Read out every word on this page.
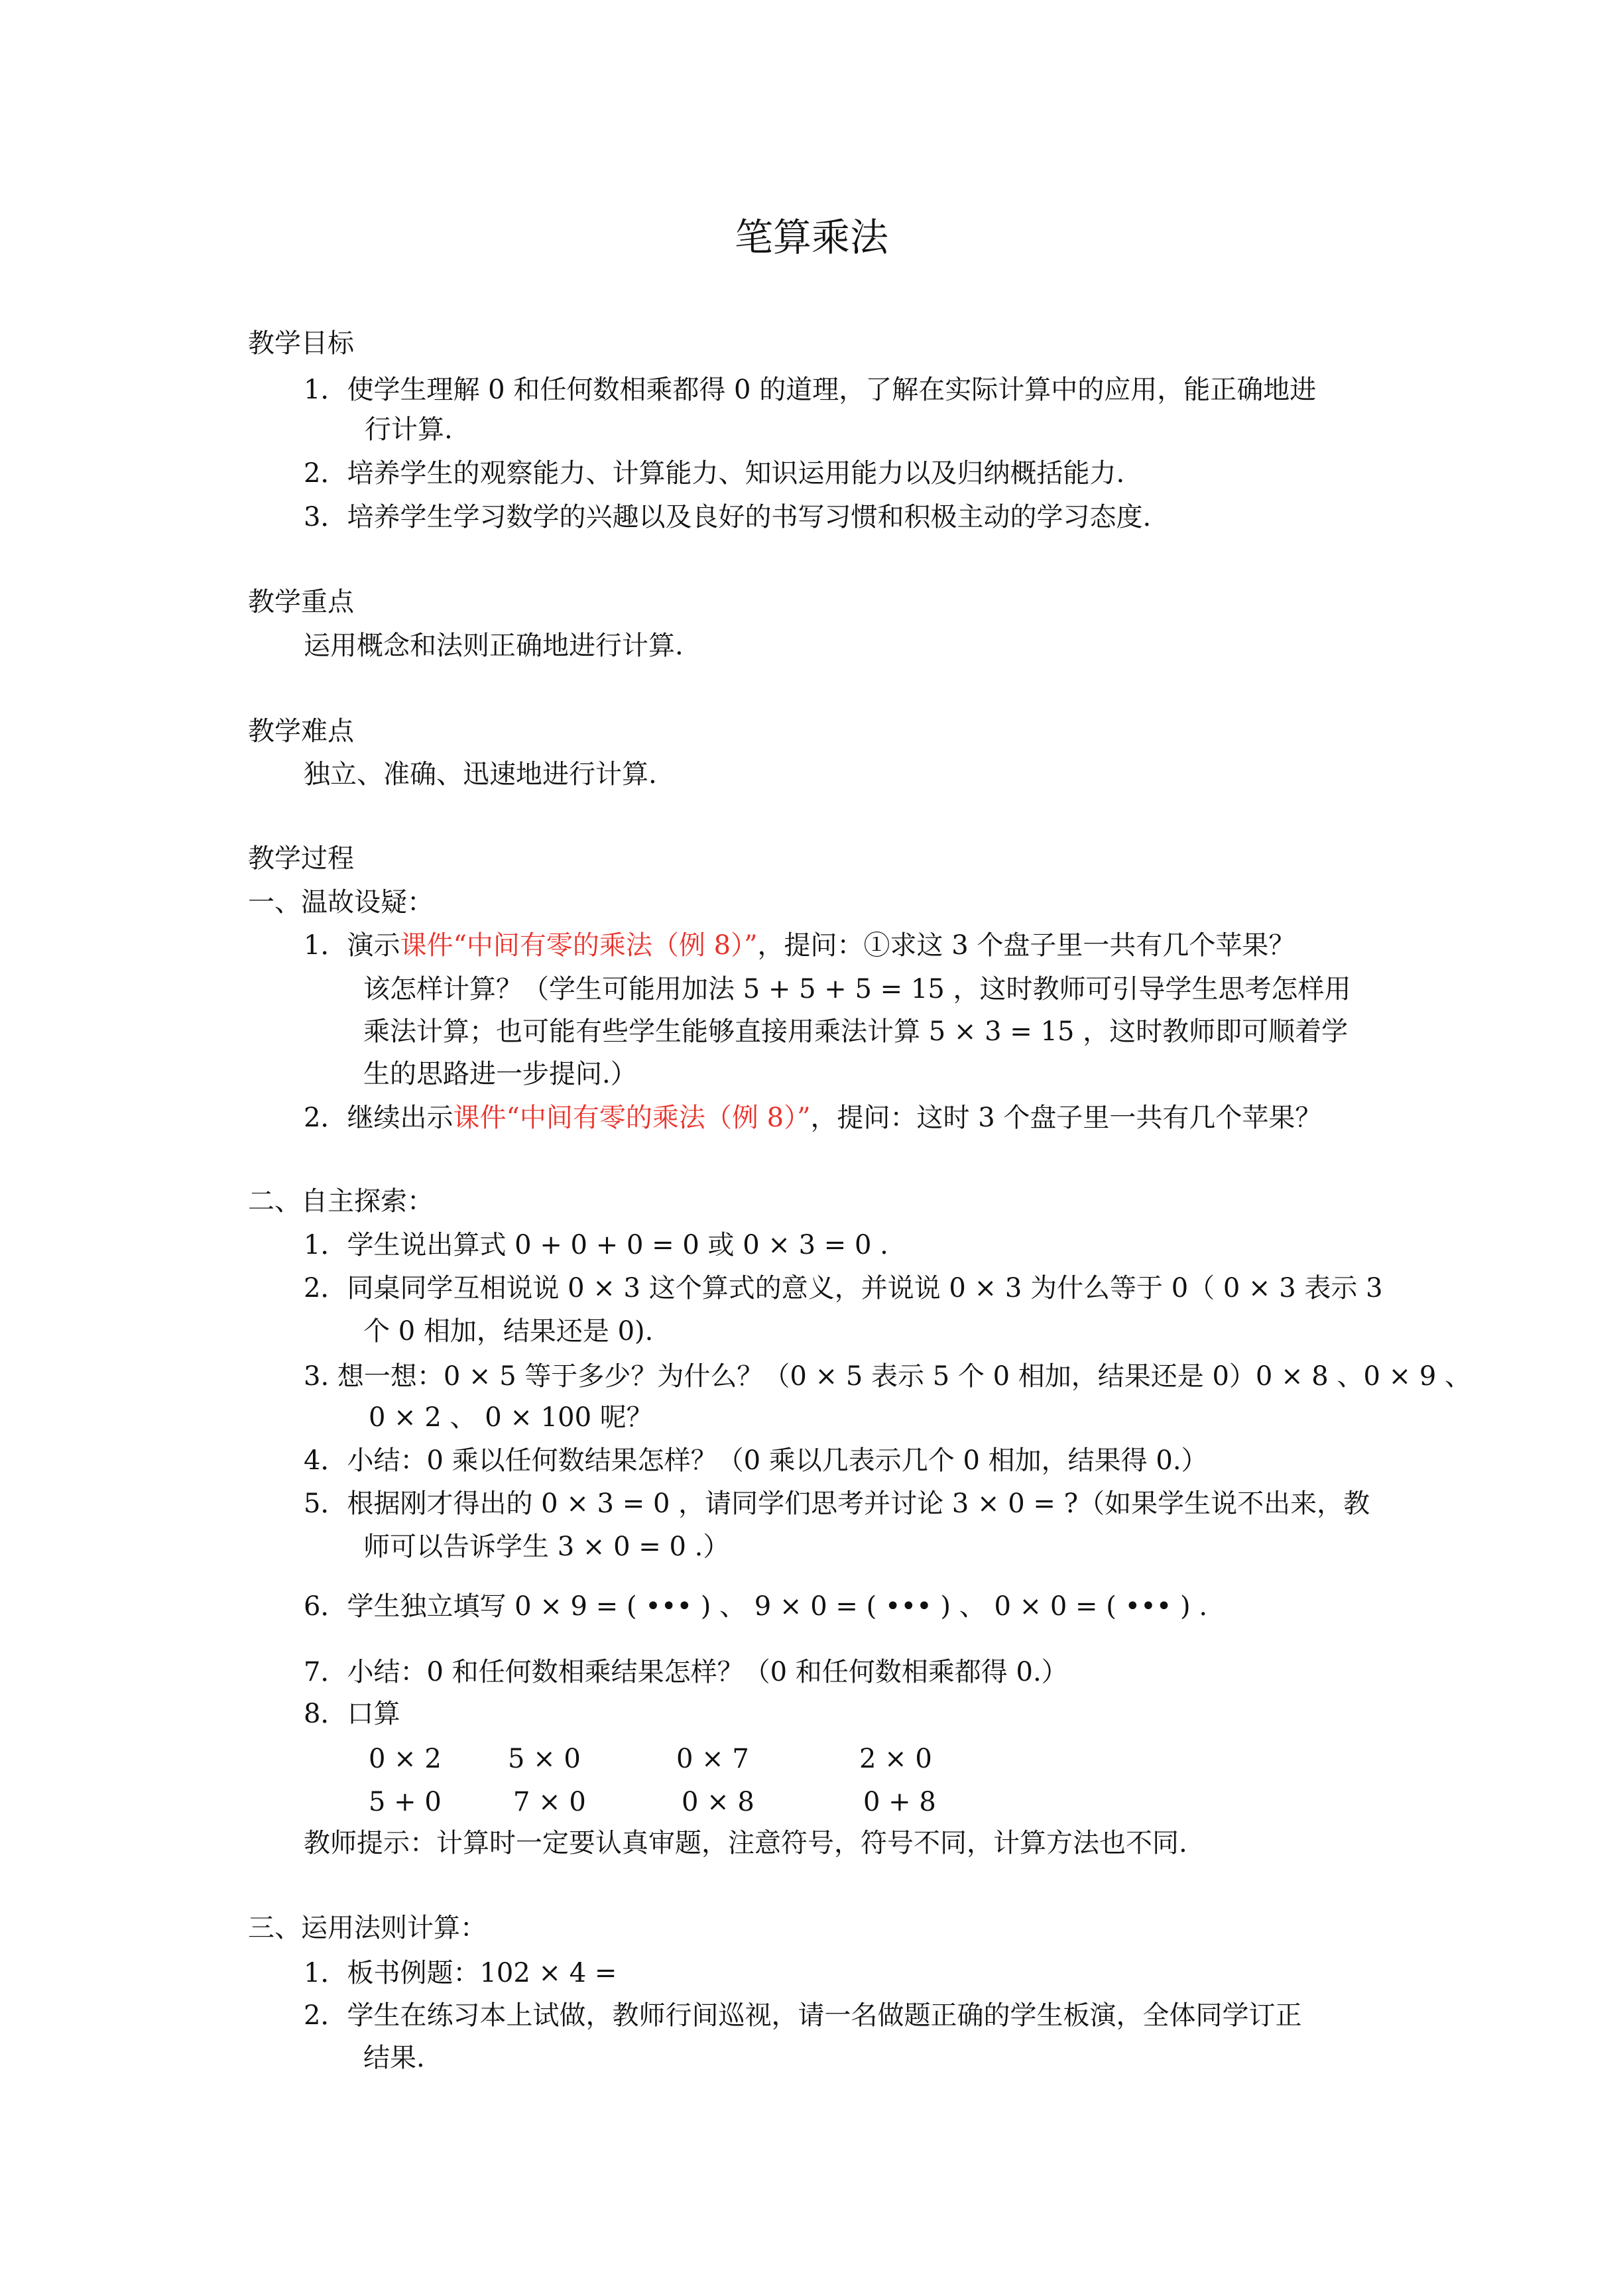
笔算乘法
教学目标
1．使学生理解 0 和任何数相乘都得 0 的道理，了解在实际计算中的应用，能正确地进
行计算.
2．培养学生的观察能力、计算能力、知识运用能力以及归纳概括能力.
3．培养学生学习数学的兴趣以及良好的书写习惯和积极主动的学习态度.
教学重点
运用概念和法则正确地进行计算.
教学难点
独立、准确、迅速地进行计算.
教学过程
一、温故设疑：
1．演示课件“中间有零的乘法（例 8）”，提问：①求这 3 个盘子里一共有几个苹果？
该怎样计算？（学生可能用加法 5 + 5 + 5 = 15 ，这时教师可引导学生思考怎样用
乘法计算；也可能有些学生能够直接用乘法计算 5 × 3 = 15 ，这时教师即可顺着学
生的思路进一步提问.）
2．继续出示课件“中间有零的乘法（例 8）”，提问：这时 3 个盘子里一共有几个苹果？
二、自主探索：
1．学生说出算式 0 + 0 + 0 = 0 或 0 × 3 = 0 .
2．同桌同学互相说说 0 × 3 这个算式的意义，并说说 0 × 3 为什么等于 0（ 0 × 3 表示 3
个 0 相加，结果还是 0).
3. 想一想：0 × 5 等于多少？为什么？（0 × 5 表示 5 个 0 相加，结果还是 0）0 × 8 、0 × 9 、
0 × 2 、 0 × 100 呢？
4．小结：0 乘以任何数结果怎样？（0 乘以几表示几个 0 相加，结果得 0.）
5．根据刚才得出的 0 × 3 = 0 ，请同学们思考并讨论 3 × 0 = ?（如果学生说不出来，教
师可以告诉学生 3 × 0 = 0 .）
6．学生独立填写 0 × 9 = ( ••• ) 、 9 × 0 = ( ••• ) 、 0 × 0 = ( ••• ) .
7．小结：0 和任何数相乘结果怎样？（0 和任何数相乘都得 0.）
8．口算
0 × 2	5 × 0	0 × 7	2 × 0
5 + 0	7 × 0	0 × 8	0 + 8
教师提示：计算时一定要认真审题，注意符号，符号不同，计算方法也不同.
三、运用法则计算：
1．板书例题：102 × 4 =
2．学生在练习本上试做，教师行间巡视，请一名做题正确的学生板演，全体同学订正
结果.
